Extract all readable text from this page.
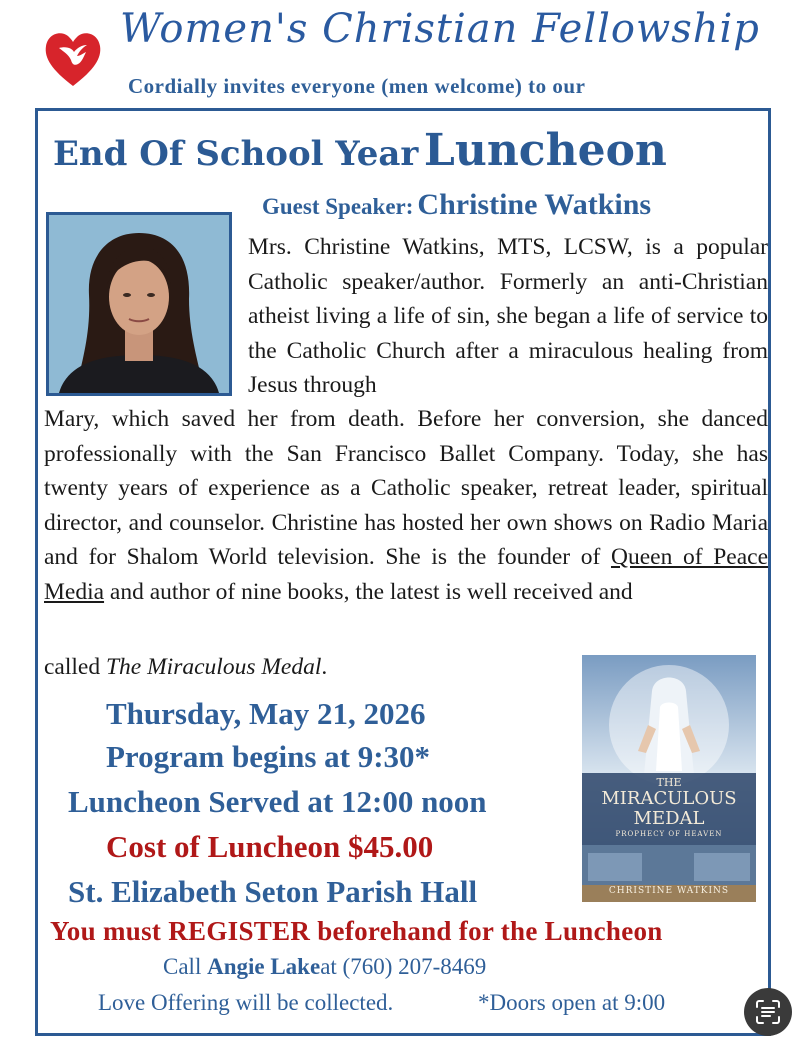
Women's Christian Fellowship
Cordially invites everyone (men welcome) to our
End Of School Year Luncheon
Guest Speaker: Christine Watkins
Mrs. Christine Watkins, MTS, LCSW, is a popular Catholic speaker/author. Formerly an anti-Christian atheist living a life of sin, she began a life of service to the Catholic Church after a miraculous healing from Jesus through
Mary, which saved her from death. Before her conversion, she danced professionally with the San Francisco Ballet Company. Today, she has twenty years of experience as a Catholic speaker, retreat leader, spiritual director, and counselor. Christine has hosted her own shows on Radio Maria and for Shalom World television. She is the founder of Queen of Peace Media and author of nine books, the latest is well received and
called The Miraculous Medal.
THE
MIRACULOUS
MEDAL
PROPHECY OF HEAVEN
CHRISTINE WATKINS
Thursday, May 21, 2026
Program begins at 9:30*
Luncheon Served at 12:00 noon
Cost of Luncheon $45.00
St. Elizabeth Seton Parish Hall
You must REGISTER beforehand for the Luncheon
Call Angie Lakeat (760) 207-8469
Love Offering will be collected.	*Doors open at 9:00
